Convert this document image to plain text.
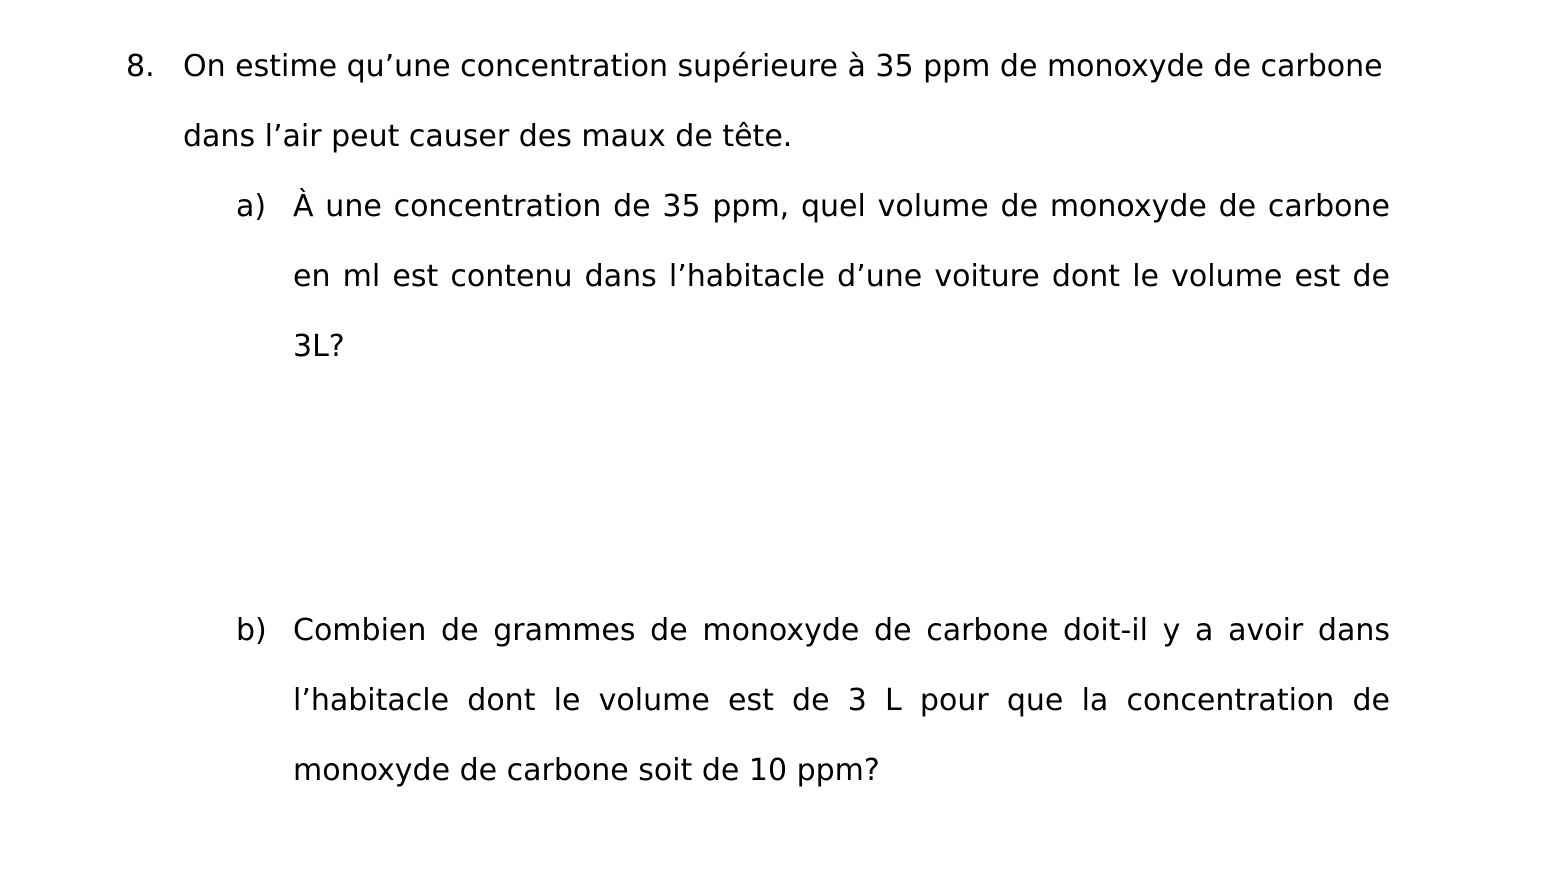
8. On estime qu’une concentration supérieure à 35 ppm de monoxyde de carbone dans l’air peut causer des maux de tête.
a) À une concentration de 35 ppm, quel volume de monoxyde de carbone en ml est contenu dans l’habitacle d’une voiture dont le volume est de 3L?
b) Combien de grammes de monoxyde de carbone doit-il y a avoir dans l’habitacle dont le volume est de 3 L pour que la concentration de monoxyde de carbone soit de 10 ppm?
